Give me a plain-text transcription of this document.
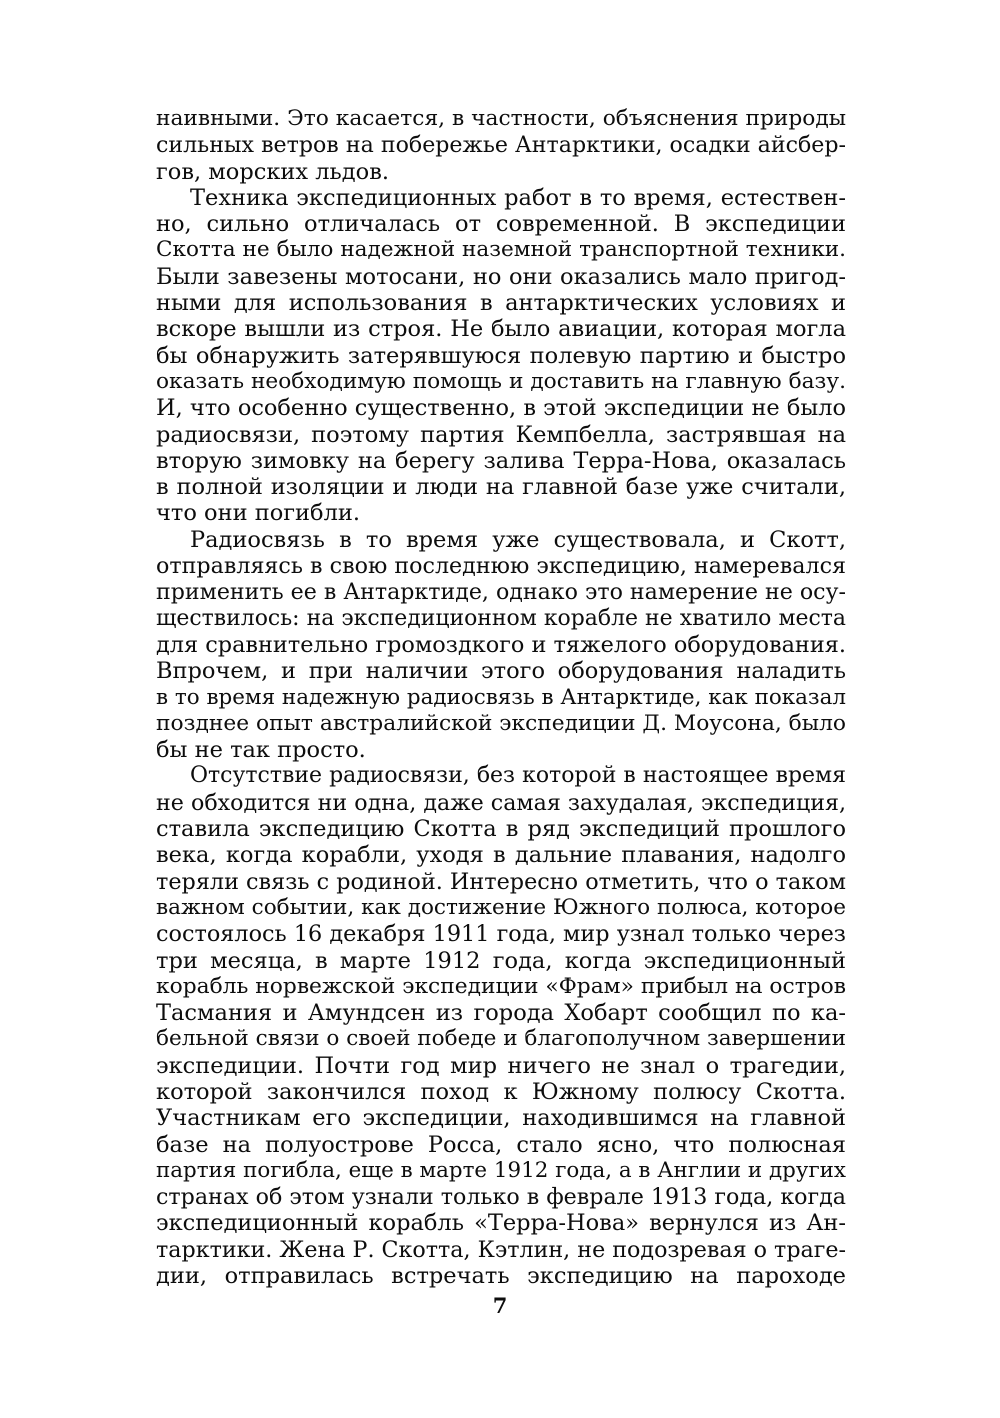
наивными. Это касается, в частности, объяснения природы
сильных ветров на побережье Антарктики, осадки айсбер-
гов, морских льдов.
Техника экспедиционных работ в то время, естествен-
но, сильно отличалась от современной. В экспедиции
Скотта не было надежной наземной транспортной техники.
Были завезены мотосани, но они оказались мало пригод-
ными для использования в антарктических условиях и
вскоре вышли из строя. Не было авиации, которая могла
бы обнаружить затерявшуюся полевую партию и быстро
оказать необходимую помощь и доставить на главную базу.
И, что особенно существенно, в этой экспедиции не было
радиосвязи, поэтому партия Кемпбелла, застрявшая на
вторую зимовку на берегу залива Терра-Нова, оказалась
в полной изоляции и люди на главной базе уже считали,
что они погибли.
Радиосвязь в то время уже существовала, и Скотт,
отправляясь в свою последнюю экспедицию, намеревался
применить ее в Антарктиде, однако это намерение не осу-
ществилось: на экспедиционном корабле не хватило места
для сравнительно громоздкого и тяжелого оборудования.
Впрочем, и при наличии этого оборудования наладить
в то время надежную радиосвязь в Антарктиде, как показал
позднее опыт австралийской экспедиции Д. Моусона, было
бы не так просто.
Отсутствие радиосвязи, без которой в настоящее время
не обходится ни одна, даже самая захудалая, экспедиция,
ставила экспедицию Скотта в ряд экспедиций прошлого
века, когда корабли, уходя в дальние плавания, надолго
теряли связь с родиной. Интересно отметить, что о таком
важном событии, как достижение Южного полюса, которое
состоялось 16 декабря 1911 года, мир узнал только через
три месяца, в марте 1912 года, когда экспедиционный
корабль норвежской экспедиции «Фрам» прибыл на остров
Тасмания и Амундсен из города Хобарт сообщил по ка-
бельной связи о своей победе и благополучном завершении
экспедиции. Почти год мир ничего не знал о трагедии,
которой закончился поход к Южному полюсу Скотта.
Участникам его экспедиции, находившимся на главной
базе на полуострове Росса, стало ясно, что полюсная
партия погибла, еще в марте 1912 года, а в Англии и других
странах об этом узнали только в феврале 1913 года, когда
экспедиционный корабль «Терра-Нова» вернулся из Ан-
тарктики. Жена Р. Скотта, Кэтлин, не подозревая о траге-
дии, отправилась встречать экспедицию на пароходе
7
